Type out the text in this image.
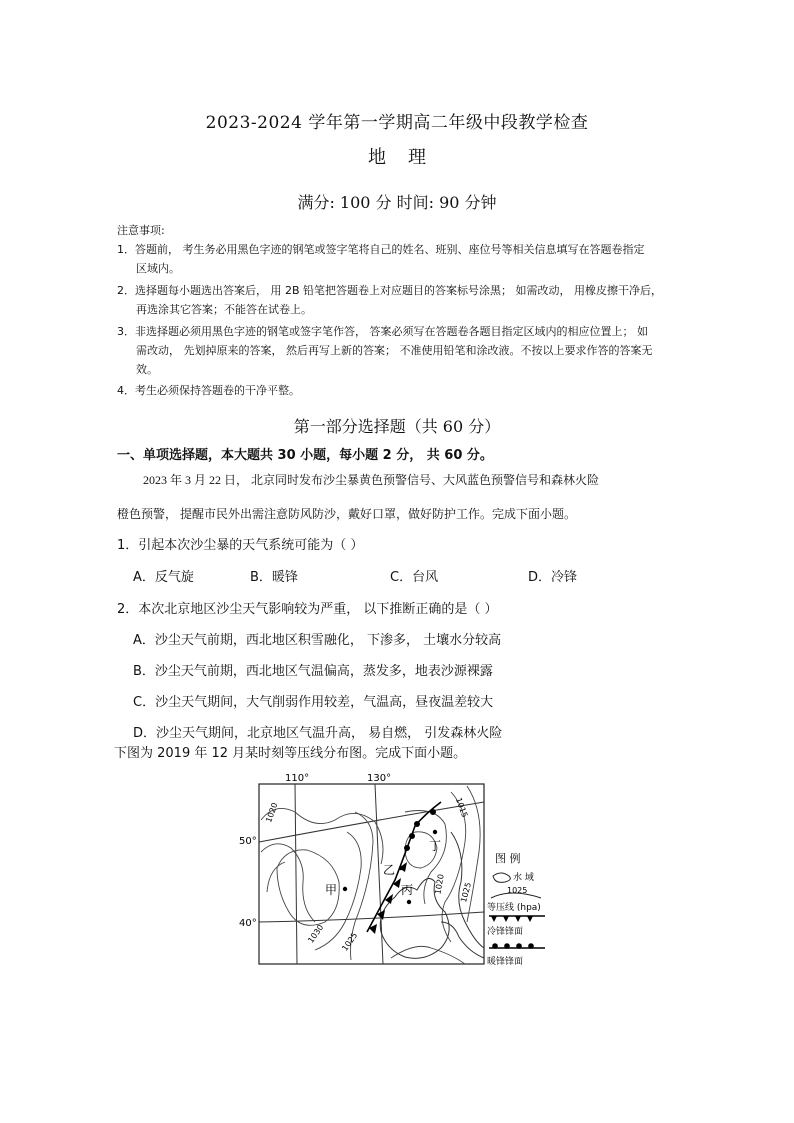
2023-2024 学年第一学期高二年级中段教学检查
地理
满分: 100 分 时间: 90 分钟
注意事项:
1．答题前， 考生务必用黑色字迹的钢笔或签字笔将自己的姓名、班别、座位号等相关信息填写在答题卷指定
区域内。
2．选择题每小题选出答案后， 用 2B 铅笔把答题卷上对应题目的答案标号涂黑； 如需改动， 用橡皮擦干净后，
再选涂其它答案；不能答在试卷上。
3．非选择题必须用黑色字迹的钢笔或签字笔作答， 答案必须写在答题卷各题目指定区域内的相应位置上； 如
需改动， 先划掉原来的答案， 然后再写上新的答案； 不准使用铅笔和涂改液。不按以上要求作答的答案无
效。
4．考生必须保持答题卷的干净平整。
第一部分选择题（共 60 分）
一、单项选择题，本大题共 30 小题，每小题 2 分， 共 60 分。
2023 年 3 月 22 日， 北京同时发布沙尘暴黄色预警信号、大风蓝色预警信号和森林火险
橙色预警， 提醒市民外出需注意防风防沙，戴好口罩，做好防护工作。完成下面小题。
1．引起本次沙尘暴的天气系统可能为（ ）
A．反气旋	B．暖锋	C．台风	D．冷锋
2．本次北京地区沙尘天气影响较为严重， 以下推断正确的是（ ）
A．沙尘天气前期，西北地区积雪融化， 下渗多， 土壤水分较高
B．沙尘天气前期，西北地区气温偏高，蒸发多，地表沙源裸露
C．沙尘天气期间，大气削弱作用较差，气温高，昼夜温差较大
D．沙尘天气期间，北京地区气温升高， 易自燃， 引发森林火险
下图为 2019 年 12 月某时刻等压线分布图。完成下面小题。
110°	130°
50°
40°
1020	1015
1020 1025
1025
1030
甲
乙
丙
丁
图 例
水 域
1025
等压线 (hpa)
冷锋锋面
暖锋锋面
